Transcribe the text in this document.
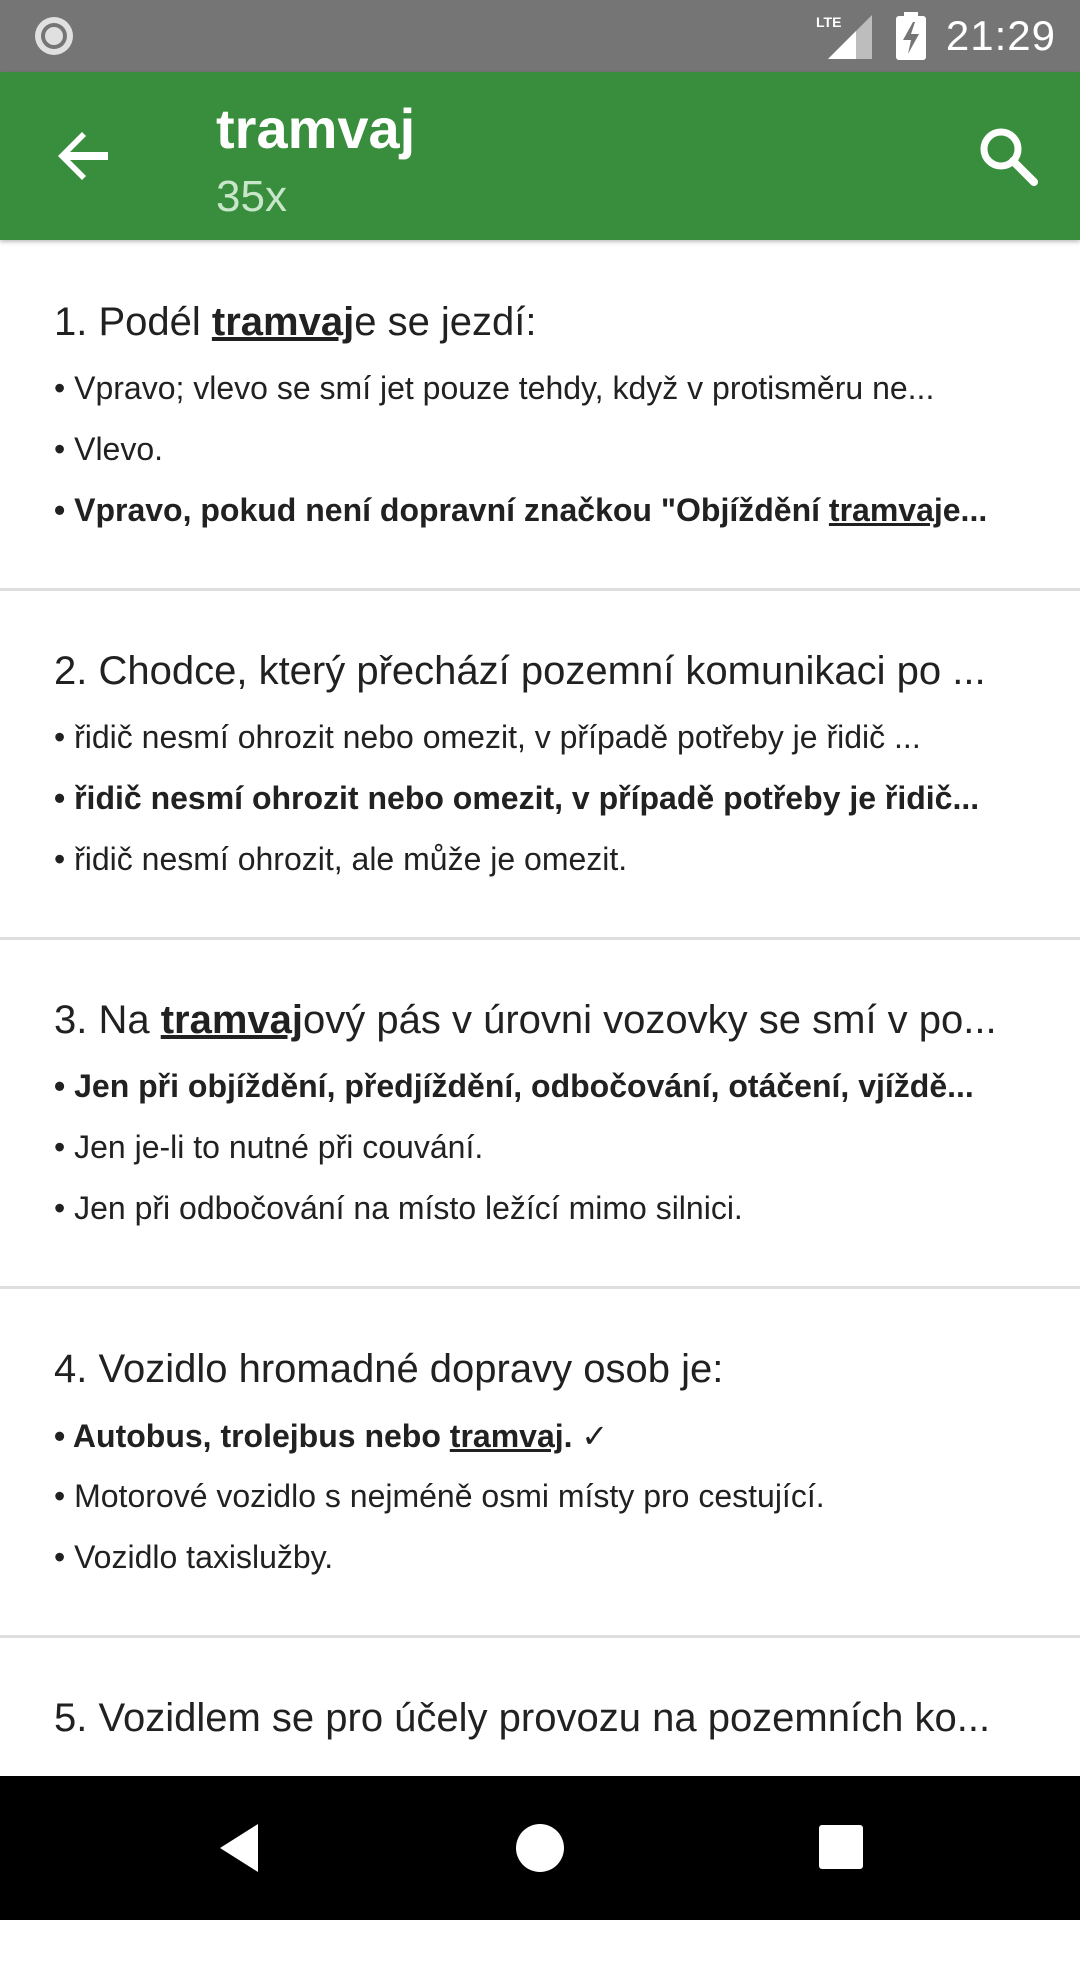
LTE 21:29
tramvaj
35x
1. Podél tramvaje se jezdí:
• Vpravo; vlevo se smí jet pouze tehdy, když v protisměru ne...
• Vlevo.
• Vpravo, pokud není dopravní značkou "Objíždění tramvaje...
2. Chodce, který přechází pozemní komunikaci po ...
• řidič nesmí ohrozit nebo omezit, v případě potřeby je řidič ...
• řidič nesmí ohrozit nebo omezit, v případě potřeby je řidič...
• řidič nesmí ohrozit, ale může je omezit.
3. Na tramvajový pás v úrovni vozovky se smí v po...
• Jen při objíždění, předjíždění, odbočování, otáčení, vjíždě...
• Jen je-li to nutné při couvání.
• Jen při odbočování na místo ležící mimo silnici.
4. Vozidlo hromadné dopravy osob je:
• Autobus, trolejbus nebo tramvaj. ✓
• Motorové vozidlo s nejméně osmi místy pro cestující.
• Vozidlo taxislužby.
5. Vozidlem se pro účely provozu na pozemních ko...
